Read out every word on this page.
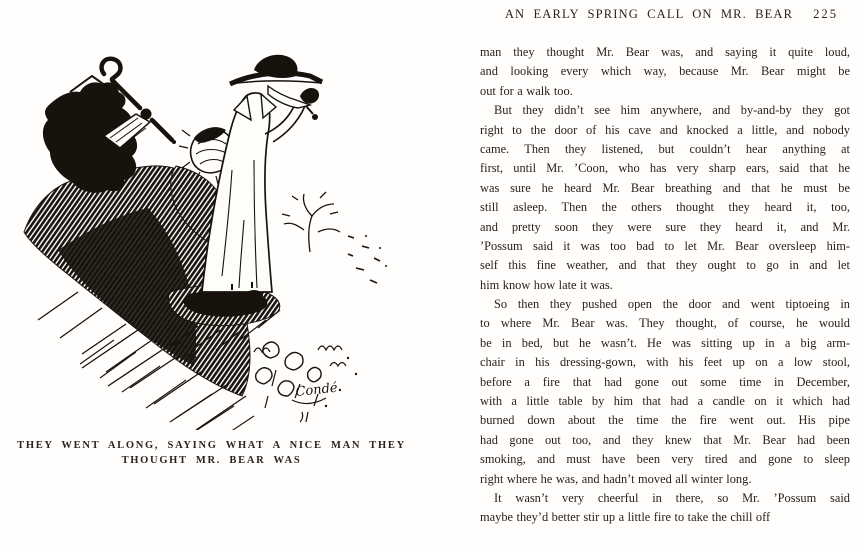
Condé
THEY WENT ALONG, SAYING WHAT A NICE MAN THEY
THOUGHT MR. BEAR WAS
AN EARLY SPRING CALL ON MR. BEAR 225
man they thought Mr. Bear was, and saying it quite loud,
and looking every which way, because Mr. Bear might be
out for a walk too.
But they didn’t see him anywhere, and by-and-by they got
right to the door of his cave and knocked a little, and nobody
came. Then they listened, but couldn’t hear anything at
first, until Mr. ’Coon, who has very sharp ears, said that he
was sure he heard Mr. Bear breathing and that he must be
still asleep. Then the others thought they heard it, too,
and pretty soon they were sure they heard it, and Mr.
’Possum said it was too bad to let Mr. Bear oversleep him-
self this fine weather, and that they ought to go in and let
him know how late it was.
So then they pushed open the door and went tiptoeing in
to where Mr. Bear was. They thought, of course, he would
be in bed, but he wasn’t. He was sitting up in a big arm-
chair in his dressing-gown, with his feet up on a low stool,
before a fire that had gone out some time in December,
with a little table by him that had a candle on it which had
burned down about the time the fire went out. His pipe
had gone out too, and they knew that Mr. Bear had been
smoking, and must have been very tired and gone to sleep
right where he was, and hadn’t moved all winter long.
It wasn’t very cheerful in there, so Mr. ’Possum said
maybe they’d better stir up a little fire to take the chill off
